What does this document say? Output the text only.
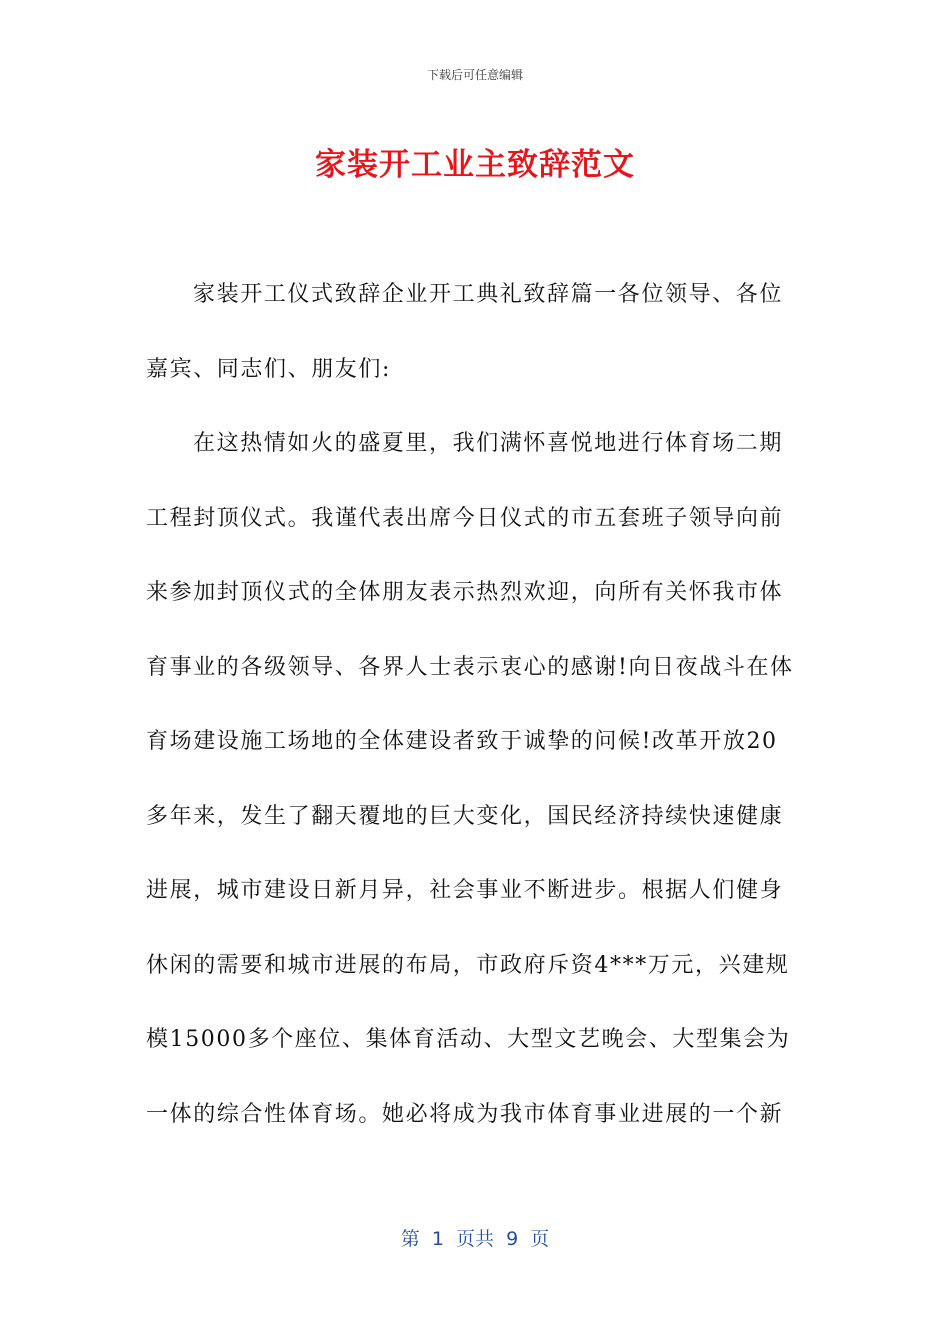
下载后可任意编辑
家装开工业主致辞范文
家装开工仪式致辞企业开工典礼致辞篇一各位领导、各位
嘉宾、同志们、朋友们:
在这热情如火的盛夏里，我们满怀喜悦地进行体育场二期
工程封顶仪式。我谨代表出席今日仪式的市五套班子领导向前
来参加封顶仪式的全体朋友表示热烈欢迎，向所有关怀我市体
育事业的各级领导、各界人士表示衷心的感谢!向日夜战斗在体
育场建设施工场地的全体建设者致于诚挚的问候!改革开放20
多年来，发生了翻天覆地的巨大变化，国民经济持续快速健康
进展，城市建设日新月异，社会事业不断进步。根据人们健身
休闲的需要和城市进展的布局，市政府斥资4***万元，兴建规
模15000多个座位、集体育活动、大型文艺晚会、大型集会为
一体的综合性体育场。她必将成为我市体育事业进展的一个新
第  1  页共  9  页
